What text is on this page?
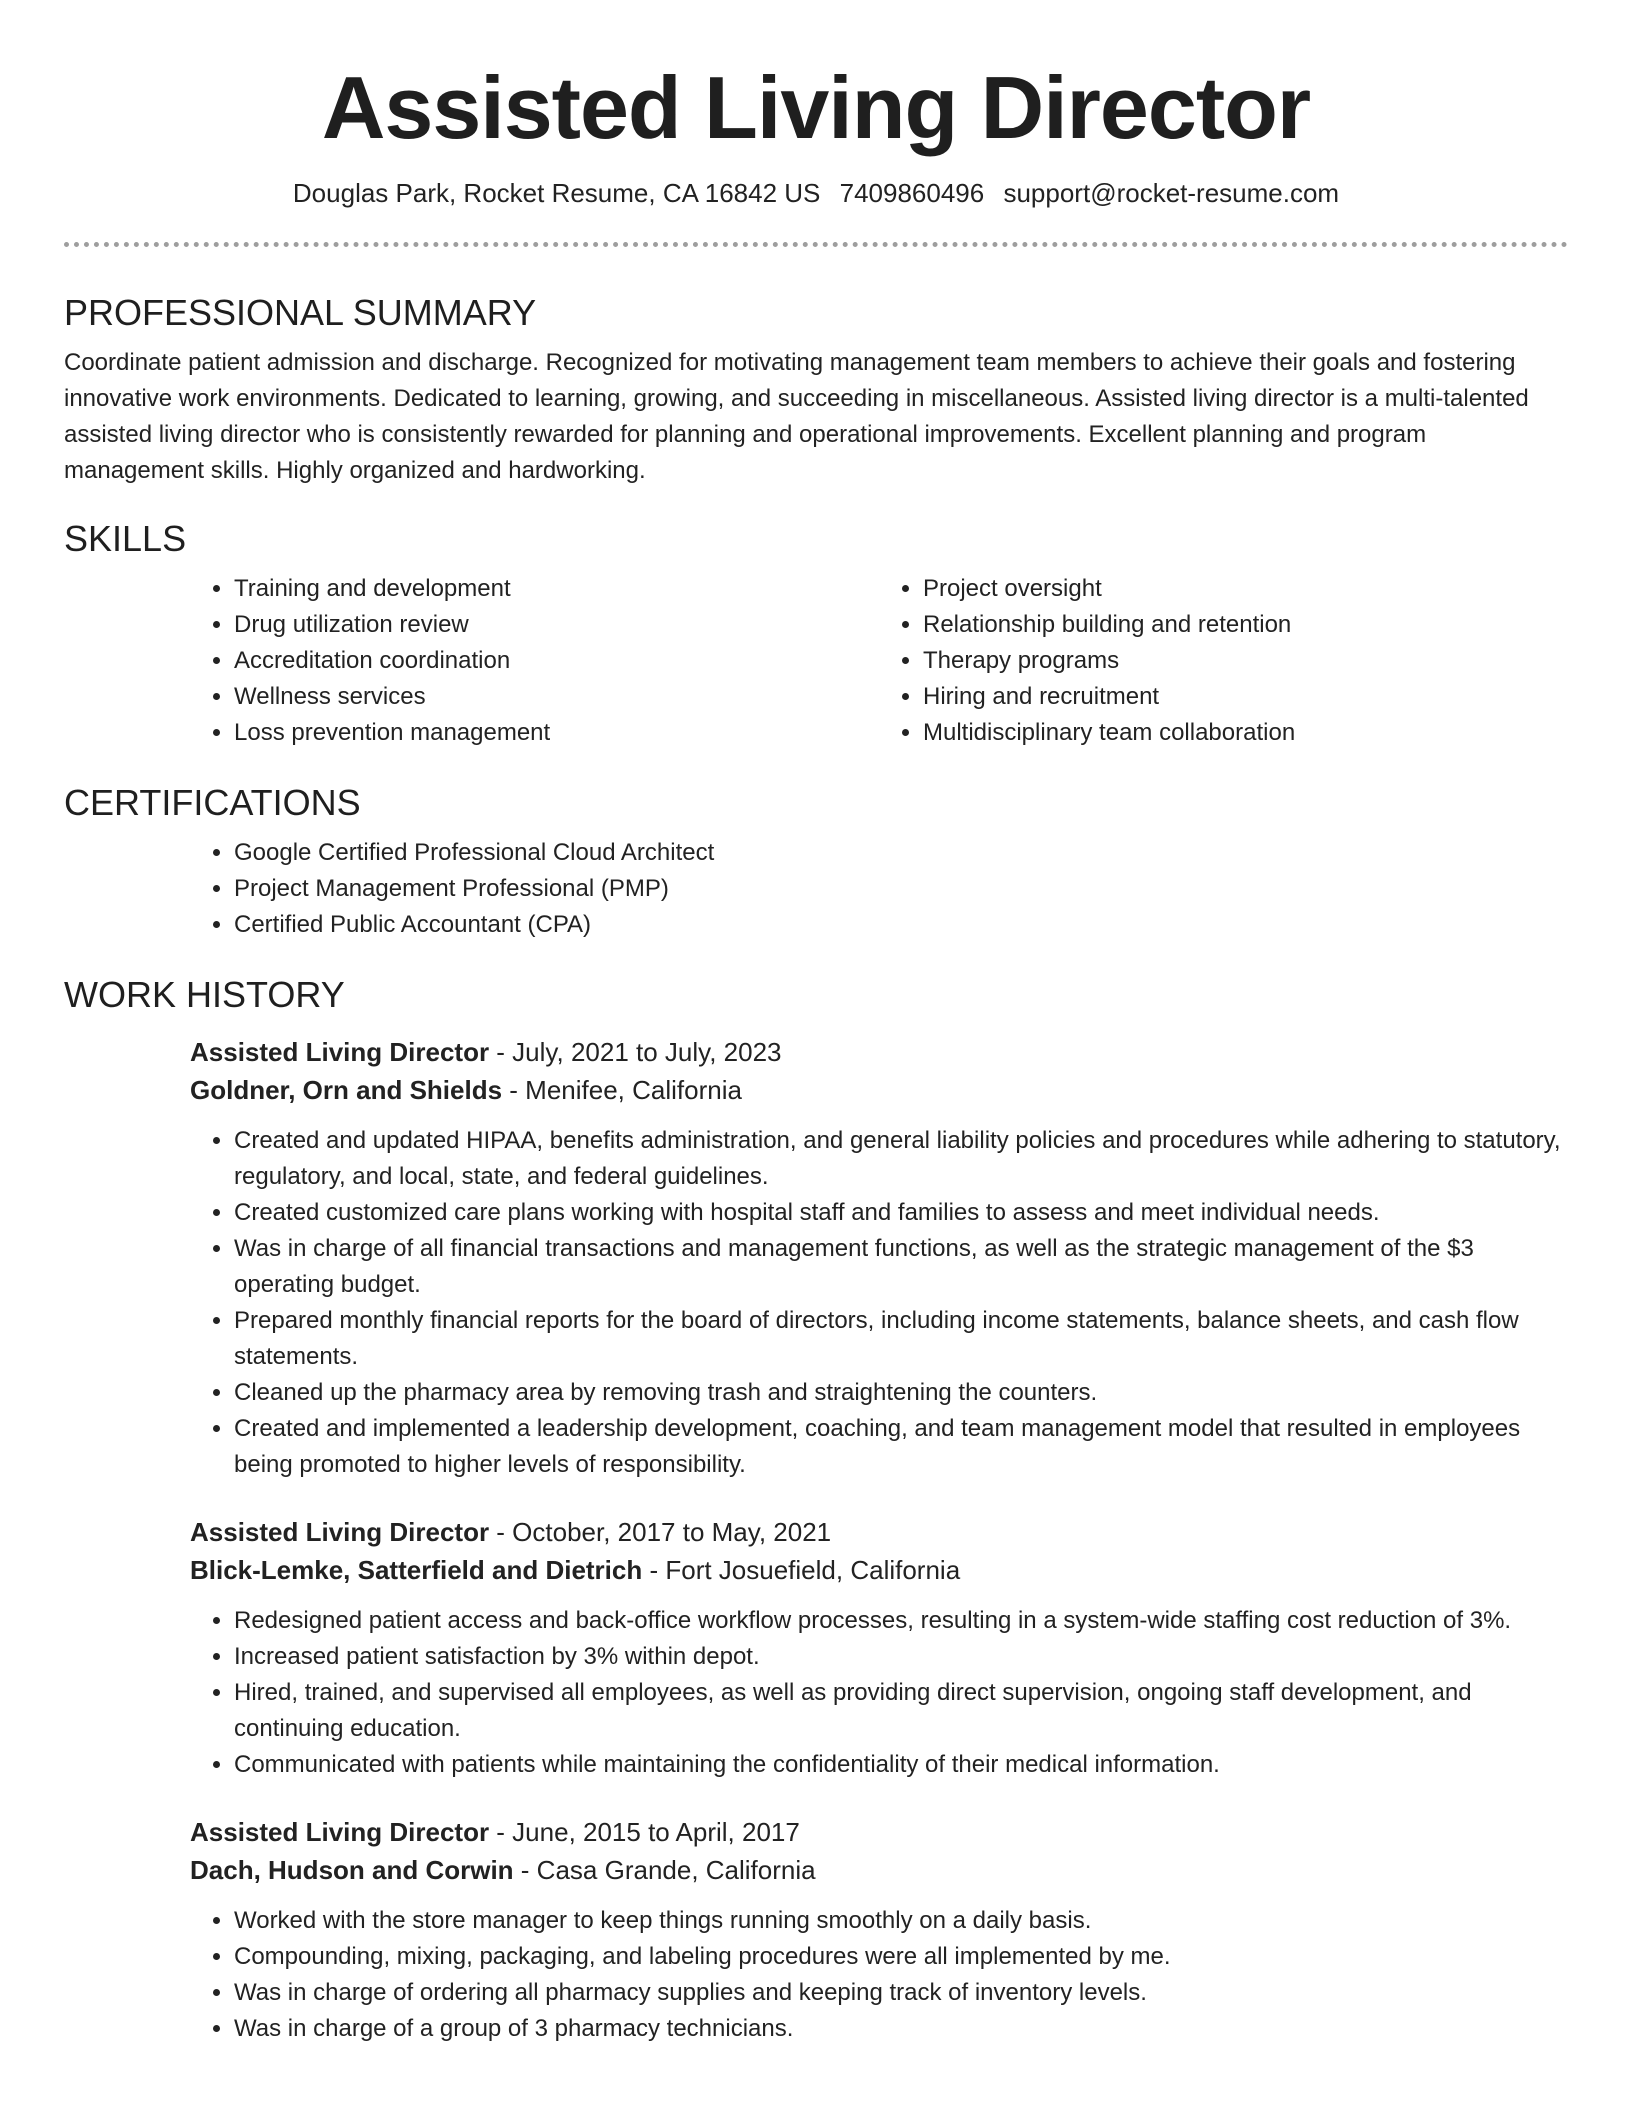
Assisted Living Director
Douglas Park, Rocket Resume, CA 16842 US 7409860496 support@rocket-resume.com
PROFESSIONAL SUMMARY

Coordinate patient admission and discharge. Recognized for motivating management team members to achieve their goals and fostering innovative work environments. Dedicated to learning, growing, and succeeding in miscellaneous. Assisted living director is a multi-talented assisted living director who is consistently rewarded for planning and operational improvements. Excellent planning and program management skills. Highly organized and hardworking.

SKILLS
• Training and development
• Drug utilization review
• Accreditation coordination
• Wellness services
• Loss prevention management
• Project oversight
• Relationship building and retention
• Therapy programs
• Hiring and recruitment
• Multidisciplinary team collaboration
CERTIFICATIONS
• Google Certified Professional Cloud Architect
• Project Management Professional (PMP)
• Certified Public Accountant (CPA)
WORK HISTORY
Assisted Living Director - July, 2021 to July, 2023
Goldner, Orn and Shields - Menifee, California
• Created and updated HIPAA, benefits administration, and general liability policies and procedures while adhering to statutory, regulatory, and local, state, and federal guidelines.
• Created customized care plans working with hospital staff and families to assess and meet individual needs.
• Was in charge of all financial transactions and management functions, as well as the strategic management of the $3 operating budget.
• Prepared monthly financial reports for the board of directors, including income statements, balance sheets, and cash flow statements.
• Cleaned up the pharmacy area by removing trash and straightening the counters.
• Created and implemented a leadership development, coaching, and team management model that resulted in employees being promoted to higher levels of responsibility.
Assisted Living Director - October, 2017 to May, 2021
Blick-Lemke, Satterfield and Dietrich - Fort Josuefield, California
• Redesigned patient access and back-office workflow processes, resulting in a system-wide staffing cost reduction of 3%.
• Increased patient satisfaction by 3% within depot.
• Hired, trained, and supervised all employees, as well as providing direct supervision, ongoing staff development, and continuing education.
• Communicated with patients while maintaining the confidentiality of their medical information.
Assisted Living Director - June, 2015 to April, 2017
Dach, Hudson and Corwin - Casa Grande, California
• Worked with the store manager to keep things running smoothly on a daily basis.
• Compounding, mixing, packaging, and labeling procedures were all implemented by me.
• Was in charge of ordering all pharmacy supplies and keeping track of inventory levels.
• Was in charge of a group of 3 pharmacy technicians.
